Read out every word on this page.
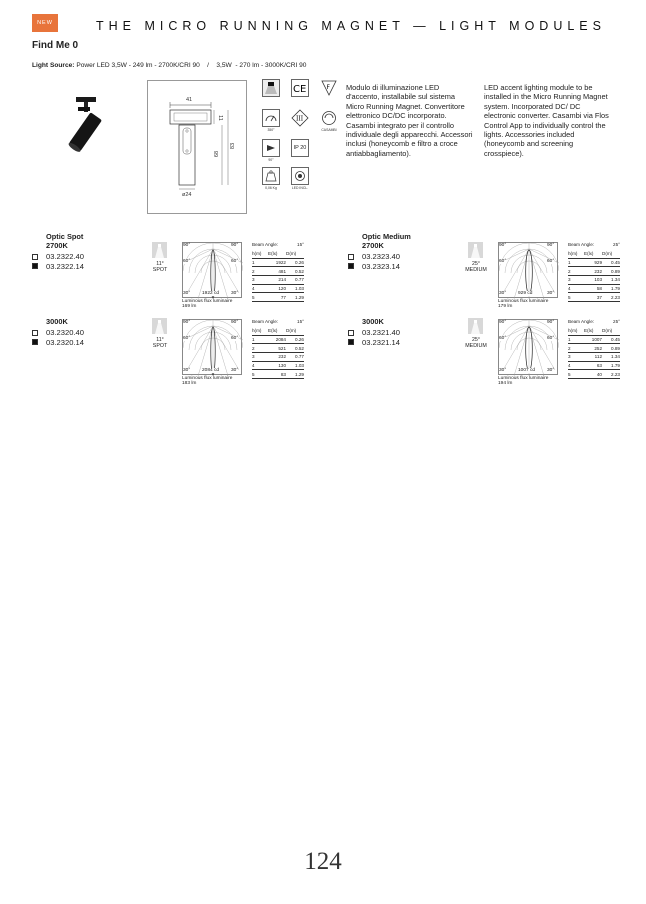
NEW	THE MICRO RUNNING MAGNET — LIGHT MODULES
Find Me 0
Light Source: Power LED 3,5W - 249 lm - 2700K/CRI 90    /    3,5W  - 270 lm - 3000K/CRI 90
41
11
68
83
ø24
CE	F
350°
III
CASAMBI
90°
IP 20
0,06 Kg	LED INCL.
Modulo di illuminazione LED d'accento, installabile sul sistema Micro Running Magnet. Convertitore elettronico DC/DC incorporato. Casambi integrato per il controllo individuale degli apparecchi. Accessori inclusi (honeycomb e filtro a croce antiabbagliamento).
LED accent lighting module to be installed in the Micro Running Magnet system. Incorporated DC/ DC electronic converter. Casambi via Flos Control App to individually control the lights. Accessories included (honeycomb and screening crosspiece).
Optic Spot
2700K
03.2322.40
03.2322.14	11°
SPOT
90°	90°
60°	60°
30°	30°
1922 cd
Luminous flux luminaire
169 lm
Beam Angle:	15°
h(m)	E(lx)	D(m)
1	1922	0.26
2	481	0.52
3	214	0.77
4	120	1.03
5	77	1.29
Optic Medium
2700K
03.2323.40
03.2323.14	25°
MEDIUM
90°	90°
60°	60°
30°	30°
929 cd
Luminous flux luminaire
179 lm
Beam Angle:	25°
h(m)	E(lx)	D(m)
1	929	0.45
2	232	0.89
3	103	1.34
4	58	1.79
5	37	2.23
3000K
03.2320.40
03.2320.14	11°
SPOT
90°	90°
60°	60°
30°	30°
2084 cd
Luminous flux luminaire
183 lm
Beam Angle:	15°
h(m)	E(lx)	D(m)
1	2084	0.26
2	521	0.52
3	232	0.77
4	130	1.03
5	83	1.29
3000K
03.2321.40
03.2321.14	25°
MEDIUM
90°	90°
60°	60°
30°	30°
1007 cd
Luminous flux luminaire
194 lm
Beam Angle:	25°
h(m)	E(lx)	D(m)
1	1007	0.45
2	252	0.89
3	112	1.34
4	63	1.79
5	40	2.23
124
